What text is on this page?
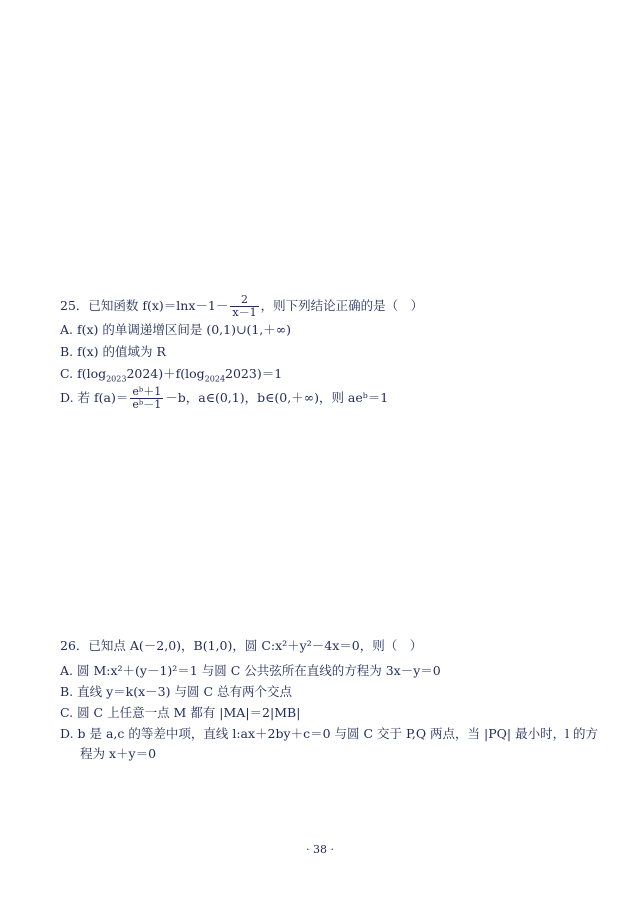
25．已知函数 $f(x)=\ln x-1- \frac{2}{x-1}$ ，则下列结论正确的是（　）
A. f(x) 的单调递增区间是 (0,1)∪(1,＋∞)
B. f(x) 的值域为 R
C. $f(\log_{2023}2024)+f(\log_{2024}2023)=1$
D. 若 $f(a)= \frac{\text{eᵇ＋1}}{\text{eᵇ－1}} -b$，a∈(0,1)，b∈(0,＋∞)，则 aeᵇ＝1
26．已知点 A(－2,0)，B(1,0)，圆 C:x²＋y²－4x＝0，则（　）
A. 圆 M:x²＋(y－1)²＝1 与圆 C 公共弦所在直线的方程为 3x－y＝0
B. 直线 y＝k(x－3) 与圆 C 总有两个交点
C. 圆 C 上任意一点 M 都有 |MA|＝2|MB|
D. b 是 a,c 的等差中项，直线 l:ax＋2by＋c＝0 与圆 C 交于 P,Q 两点，当 |PQ| 最小时，l 的方
程为 x＋y＝0
· 38 ·
